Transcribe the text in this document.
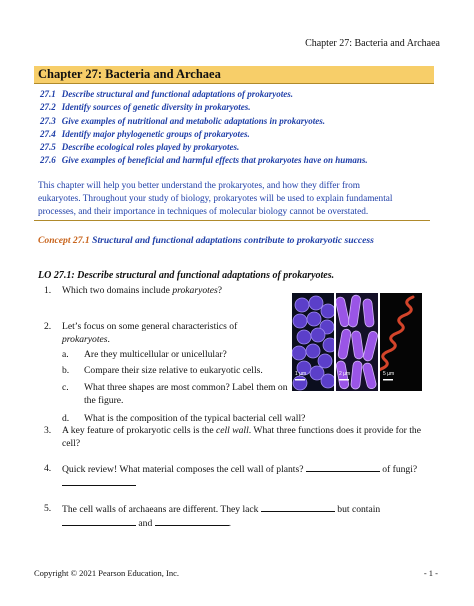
Chapter 27: Bacteria and Archaea
Chapter 27: Bacteria and Archaea
27.1 Describe structural and functional adaptations of prokaryotes.
27.2 Identify sources of genetic diversity in prokaryotes.
27.3 Give examples of nutritional and metabolic adaptations in prokaryotes.
27.4 Identify major phylogenetic groups of prokaryotes.
27.5 Describe ecological roles played by prokaryotes.
27.6 Give examples of beneficial and harmful effects that prokaryotes have on humans.

This chapter will help you better understand the prokaryotes, and how they differ from

eukaryotes. Throughout your study of biology, prokaryotes will be used to explain fundamental

processes, and their importance in techniques of molecular biology cannot be overstated.

Concept 27.1 Structural and functional adaptations contribute to prokaryotic success
LO 27.1: Describe structural and functional adaptations of prokaryotes.
1. Which two domains include prokaryotes?
2. Let’s focus on some general characteristics of
prokaryotes.
a. Are they multicellular or unicellular?
b. Compare their size relative to eukaryotic cells.
c. What three shapes are most common? Label them on
the figure.
d. What is the composition of the typical bacterial cell wall?
3. A key feature of prokaryotic cells is the cell wall. What three functions does it provide for the
cell?
4. Quick review! What material composes the cell wall of plants?	of fungi?
5. The cell walls of archaeans are different. They lack	but contain
and	.
1 µm	2 µm	5 µm
Copyright © 2021 Pearson Education, Inc.	- 1 -
